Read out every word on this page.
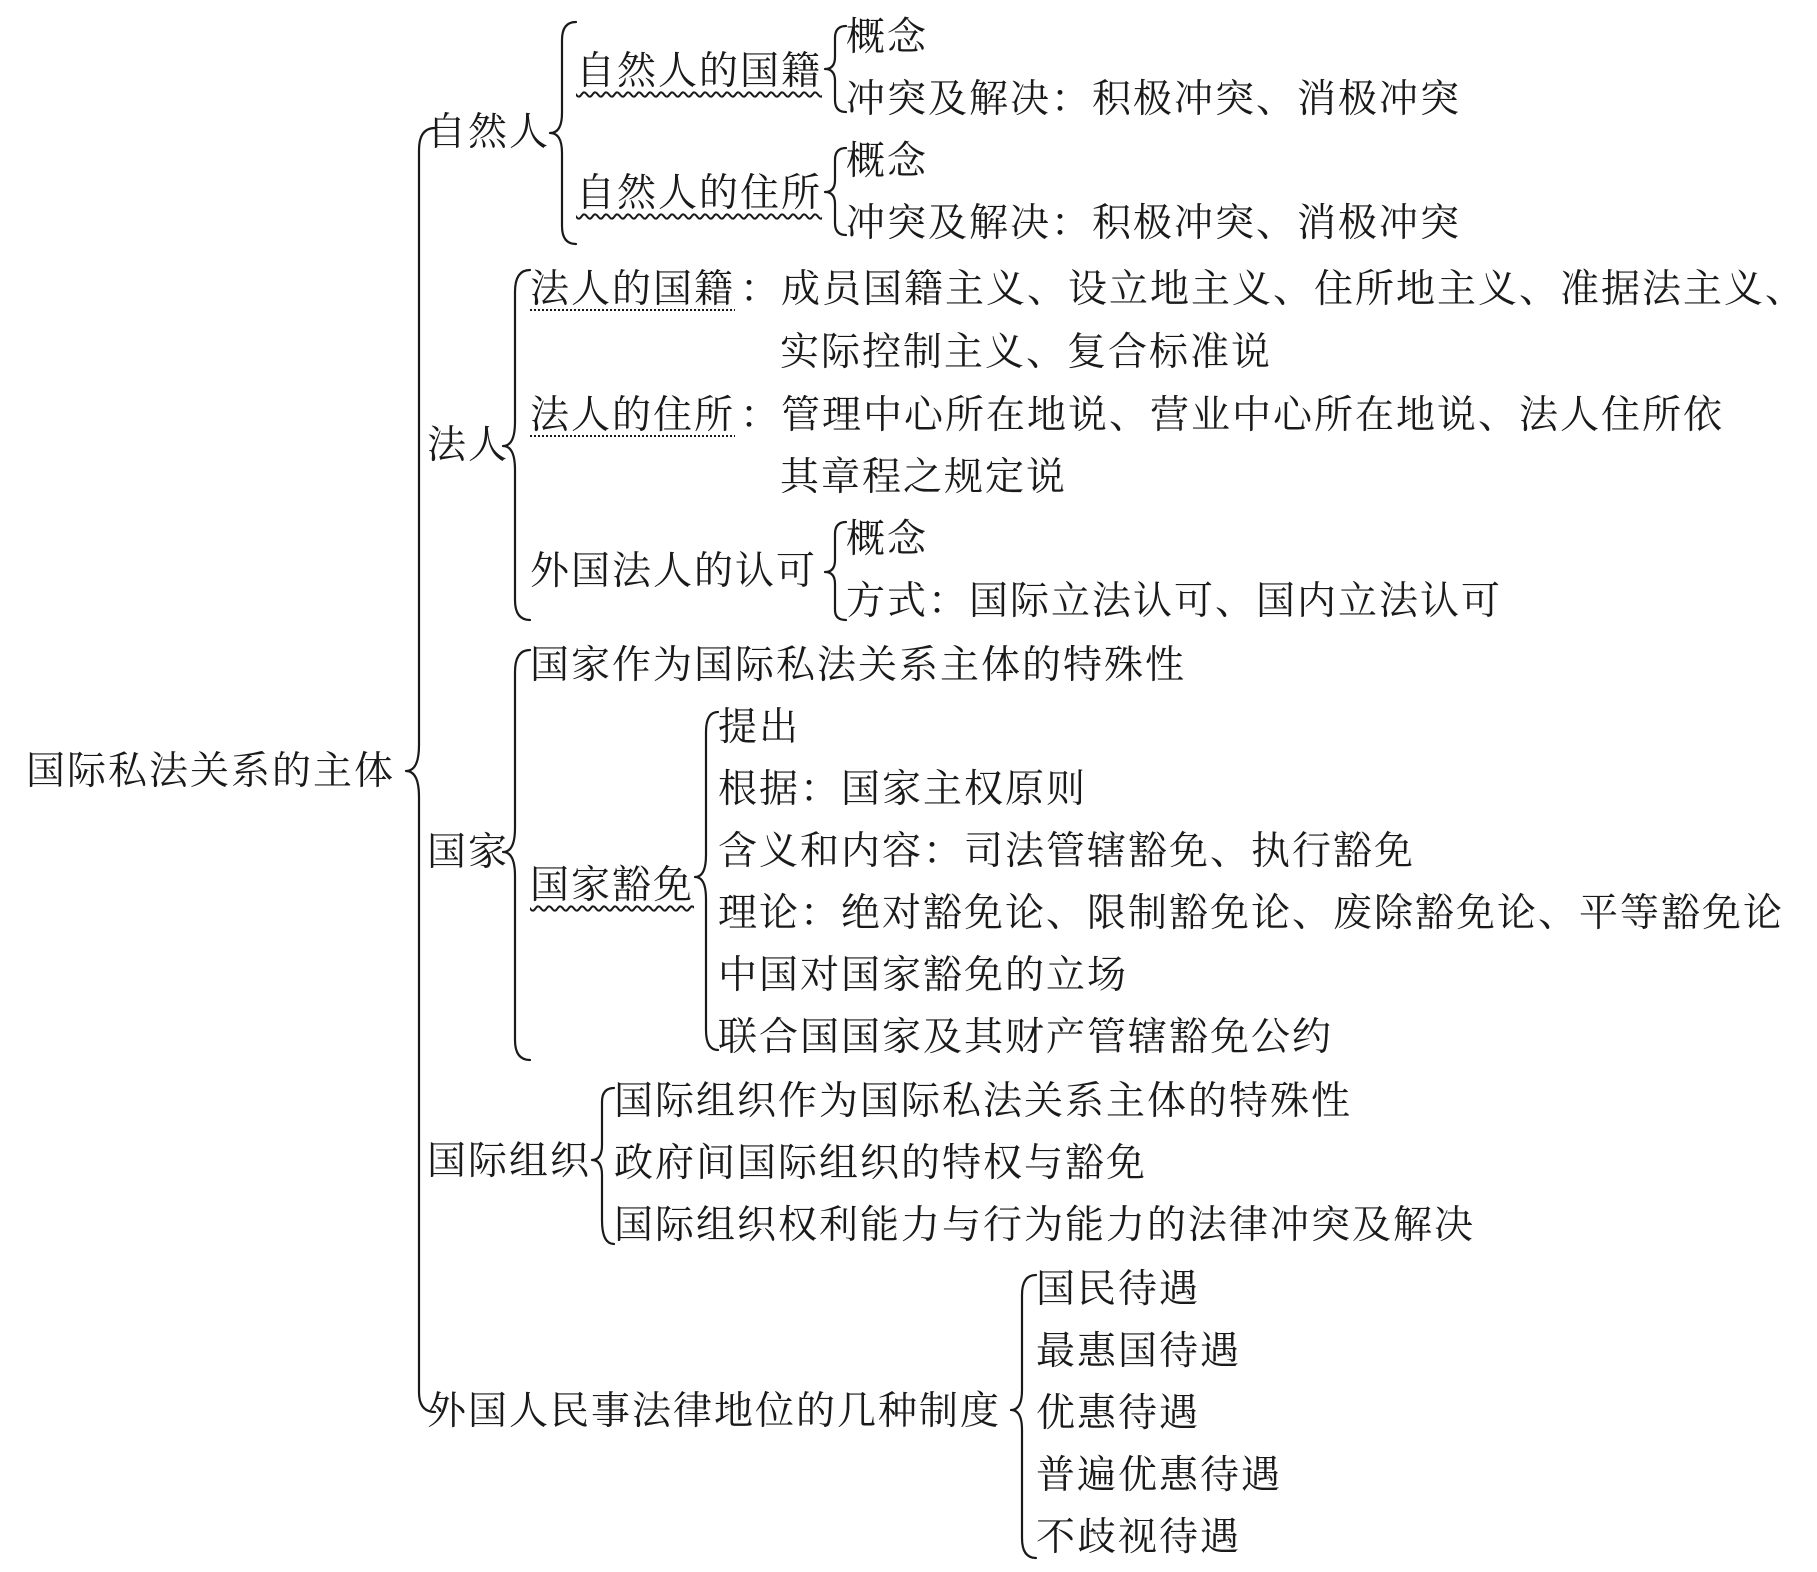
国际私法关系的主体
自然人
自然人的国籍
概念
冲突及解决：积极冲突、消极冲突
自然人的住所
概念
冲突及解决：积极冲突、消极冲突
法人
法人的国籍 ：成员国籍主义、设立地主义、住所地主义、准据法主义、
实际控制主义、复合标准说
法人的住所 ：管理中心所在地说、营业中心所在地说、法人住所依
其章程之规定说
外国法人的认可
概念
方式：国际立法认可、国内立法认可
国家
国家作为国际私法关系主体的特殊性
国家豁免
提出
根据：国家主权原则
含义和内容：司法管辖豁免、执行豁免
理论：绝对豁免论、限制豁免论、废除豁免论、平等豁免论
中国对国家豁免的立场
联合国国家及其财产管辖豁免公约
国际组织
国际组织作为国际私法关系主体的特殊性
政府间国际组织的特权与豁免
国际组织权利能力与行为能力的法律冲突及解决
外国人民事法律地位的几种制度
国民待遇
最惠国待遇
优惠待遇
普遍优惠待遇
不歧视待遇
